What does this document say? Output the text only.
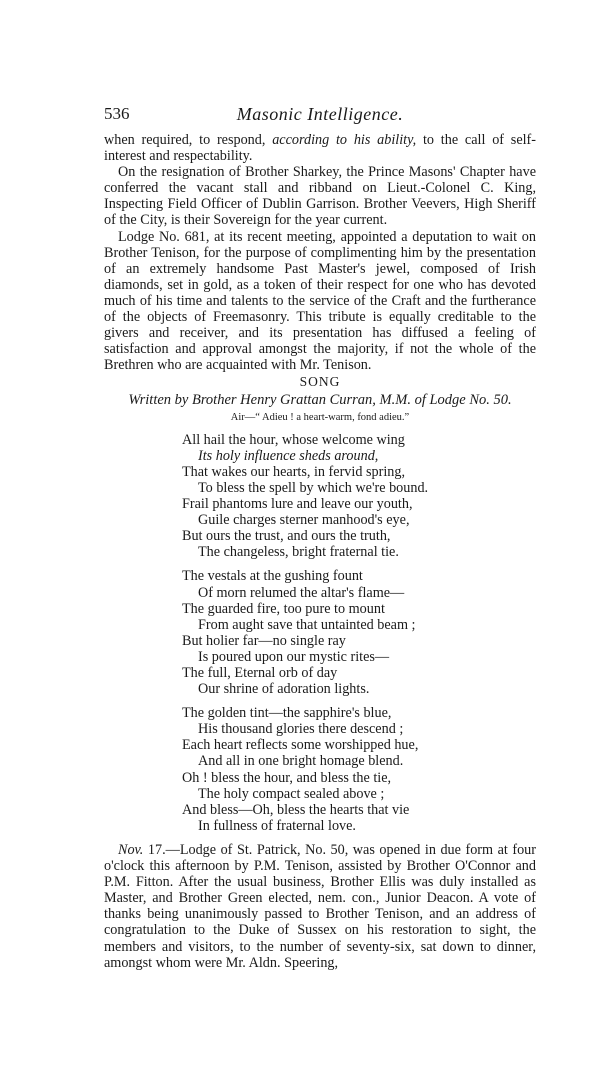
536	Masonic Intelligence.

when required, to respond, according to his ability, to the call of self-interest and respectability.

On the resignation of Brother Sharkey, the Prince Masons' Chapter have conferred the vacant stall and ribband on Lieut.-Colonel C. King, Inspecting Field Officer of Dublin Garrison. Brother Veevers, High Sheriff of the City, is their Sovereign for the year current.

Lodge No. 681, at its recent meeting, appointed a deputation to wait on Brother Tenison, for the purpose of complimenting him by the presentation of an extremely handsome Past Master's jewel, composed of Irish diamonds, set in gold, as a token of their respect for one who has devoted much of his time and talents to the service of the Craft and the furtherance of the objects of Freemasonry. This tribute is equally creditable to the givers and receiver, and its presentation has diffused a feeling of satisfaction and approval amongst the majority, if not the whole of the Brethren who are acquainted with Mr. Tenison.

SONG
Written by Brother Henry Grattan Curran, M.M. of Lodge No. 50.
Air—“ Adieu ! a heart-warm, fond adieu.”
All hail the hour, whose welcome wing
Its holy influence sheds around,
That wakes our hearts, in fervid spring,
To bless the spell by which we're bound.
Frail phantoms lure and leave our youth,
Guile charges sterner manhood's eye,
But ours the trust, and ours the truth,
The changeless, bright fraternal tie.
The vestals at the gushing fount
Of morn relumed the altar's flame—
The guarded fire, too pure to mount
From aught save that untainted beam ;
But holier far—no single ray
Is poured upon our mystic rites—
The full, Eternal orb of day
Our shrine of adoration lights.
The golden tint—the sapphire's blue,
His thousand glories there descend ;
Each heart reflects some worshipped hue,
And all in one bright homage blend.
Oh ! bless the hour, and bless the tie,
The holy compact sealed above ;
And bless—Oh, bless the hearts that vie
In fullness of fraternal love.

Nov. 17.—Lodge of St. Patrick, No. 50, was opened in due form at four o'clock this afternoon by P.M. Tenison, assisted by Brother O'Connor and P.M. Fitton. After the usual business, Brother Ellis was duly installed as Master, and Brother Green elected, nem. con., Junior Deacon. A vote of thanks being unanimously passed to Brother Tenison, and an address of congratulation to the Duke of Sussex on his restoration to sight, the members and visitors, to the number of seventy-six, sat down to dinner, amongst whom were Mr. Aldn. Speering,
